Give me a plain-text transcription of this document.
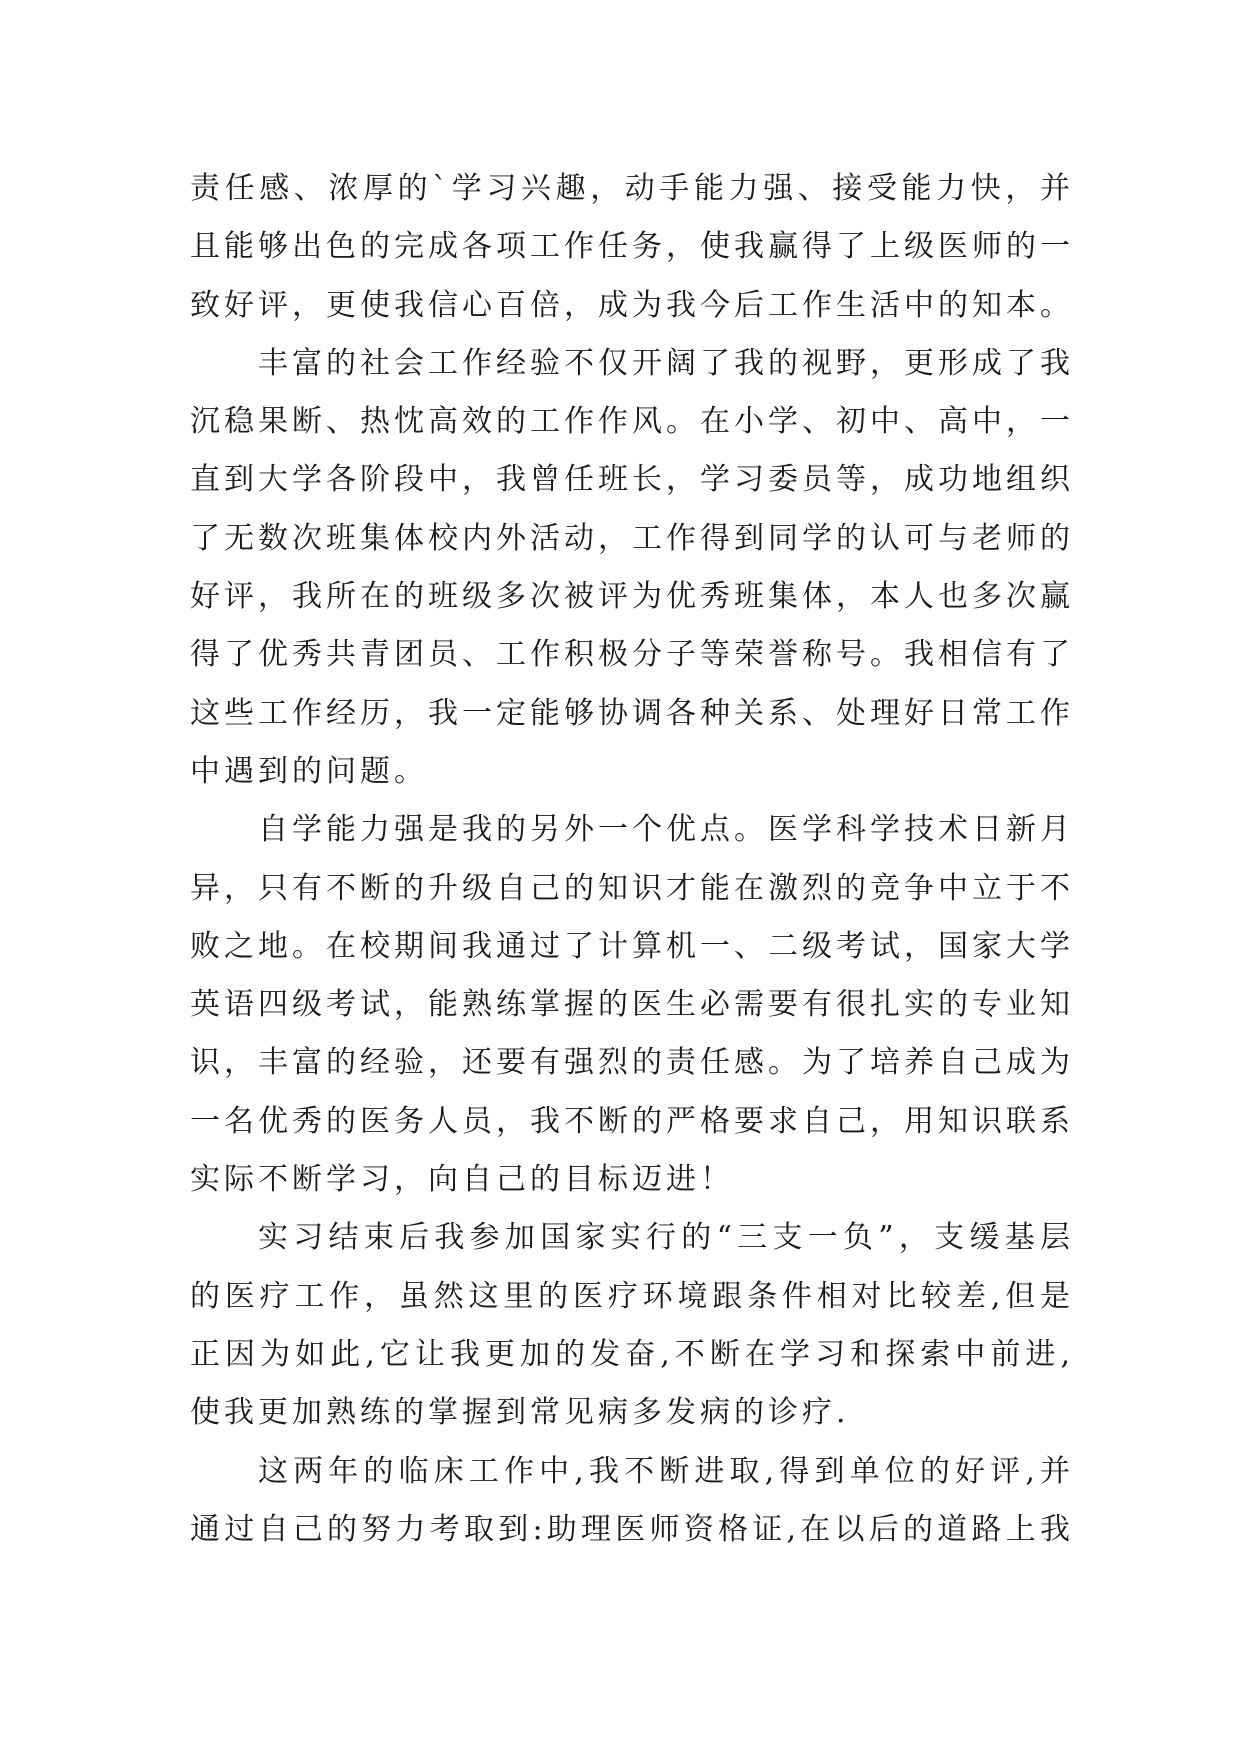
责任感、浓厚的`学习兴趣，动手能力强、接受能力快，并
且能够出色的完成各项工作任务，使我赢得了上级医师的一
致好评，更使我信心百倍，成为我今后工作生活中的知本。
丰富的社会工作经验不仅开阔了我的视野，更形成了我
沉稳果断、热忱高效的工作作风。在小学、初中、高中，一
直到大学各阶段中，我曾任班长，学习委员等，成功地组织
了无数次班集体校内外活动，工作得到同学的认可与老师的
好评，我所在的班级多次被评为优秀班集体，本人也多次赢
得了优秀共青团员、工作积极分子等荣誉称号。我相信有了
这些工作经历，我一定能够协调各种关系、处理好日常工作
中遇到的问题。
自学能力强是我的另外一个优点。医学科学技术日新月
异，只有不断的升级自己的知识才能在激烈的竞争中立于不
败之地。在校期间我通过了计算机一、二级考试，国家大学
英语四级考试，能熟练掌握的医生必需要有很扎实的专业知
识，丰富的经验，还要有强烈的责任感。为了培养自己成为
一名优秀的医务人员，我不断的严格要求自己，用知识联系
实际不断学习，向自己的目标迈进！
实习结束后我参加国家实行的“三支一负”，支缓基层
的医疗工作，虽然这里的医疗环境跟条件相对比较差,但是
正因为如此,它让我更加的发奋,不断在学习和探索中前进,
使我更加熟练的掌握到常见病多发病的诊疗.
这两年的临床工作中,我不断进取,得到单位的好评,并
通过自己的努力考取到:助理医师资格证,在以后的道路上我
